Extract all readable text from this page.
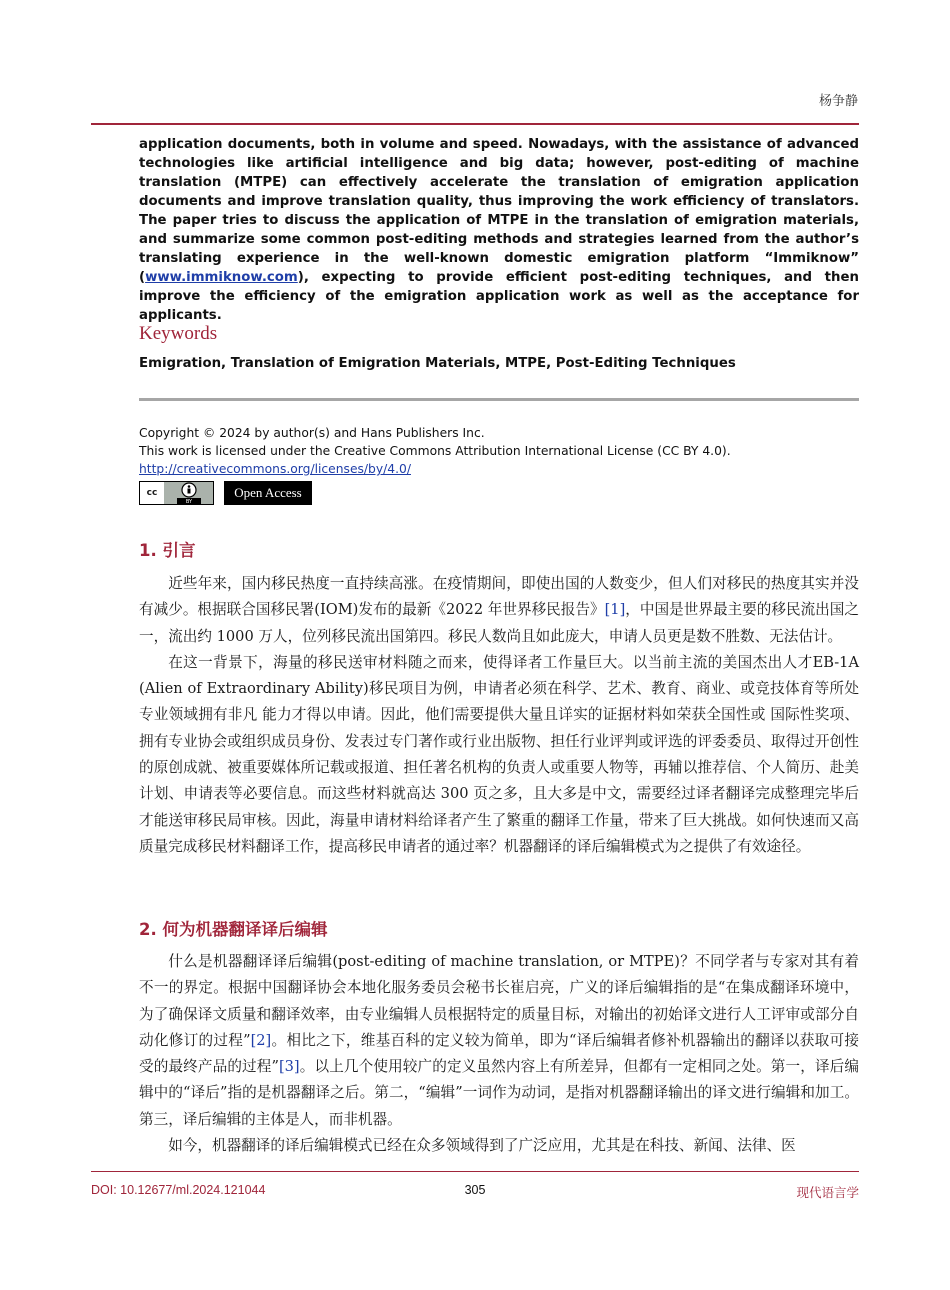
杨争静
application documents, both in volume and speed. Nowadays, with the assistance of advanced technologies like artificial intelligence and big data; however, post-editing of machine translation (MTPE) can effectively accelerate the translation of emigration application documents and improve translation quality, thus improving the work efficiency of translators. The paper tries to discuss the application of MTPE in the translation of emigration materials, and summarize some common post-editing methods and strategies learned from the author’s translating experience in the well-known domestic emigration platform “Immiknow” (www.immiknow.com), expecting to provide efficient post-editing techniques, and then improve the efficiency of the emigration application work as well as the acceptance for applicants.
Keywords
Emigration, Translation of Emigration Materials, MTPE, Post-Editing Techniques
Copyright © 2024 by author(s) and Hans Publishers Inc.
This work is licensed under the Creative Commons Attribution International License (CC BY 4.0).
http://creativecommons.org/licenses/by/4.0/
cc
BY
Open Access
1. 引言

近些年来，国内移民热度一直持续高涨。在疫情期间，即使出国的人数变少，但人们对移民的热度其实并没有减少。根据联合国移民署(IOM)发布的最新《2022 年世界移民报告》[1]，中国是世界最主要的移民流出国之一，流出约 1000 万人，位列移民流出国第四。移民人数尚且如此庞大，申请人员更是数不胜数、无法估计。

在这一背景下，海量的移民送审材料随之而来，使得译者工作量巨大。以当前主流的美国杰出人才EB-1A (Alien of Extraordinary Ability)移民项目为例，申请者必须在科学、艺术、教育、商业、或竞技体育等所处专业领域拥有非凡 能力才得以申请。因此，他们需要提供大量且详实的证据材料如荣获全国性或 国际性奖项、拥有专业协会或组织成员身份、发表过专门著作或行业出版物、担任行业评判或评选的评委委员、取得过开创性的原创成就、被重要媒体所记载或报道、担任著名机构的负责人或重要人物等，再辅以推荐信、个人简历、赴美计划、申请表等必要信息。而这些材料就高达 300 页之多，且大多是中文，需要经过译者翻译完成整理完毕后才能送审移民局审核。因此，海量申请材料给译者产生了繁重的翻译工作量，带来了巨大挑战。如何快速而又高质量完成移民材料翻译工作，提高移民申请者的通过率？机器翻译的译后编辑模式为之提供了有效途径。

2. 何为机器翻译译后编辑

什么是机器翻译译后编辑(post-editing of machine translation, or MTPE)？不同学者与专家对其有着不一的界定。根据中国翻译协会本地化服务委员会秘书长崔启亮，广义的译后编辑指的是“在集成翻译环境中，为了确保译文质量和翻译效率，由专业编辑人员根据特定的质量目标，对输出的初始译文进行人工评审或部分自动化修订的过程”[2]。相比之下，维基百科的定义较为简单，即为“译后编辑者修补机器输出的翻译以获取可接受的最终产品的过程”[3]。以上几个使用较广的定义虽然内容上有所差异，但都有一定相同之处。第一，译后编辑中的“译后”指的是机器翻译之后。第二，“编辑”一词作为动词，是指对机器翻译输出的译文进行编辑和加工。第三，译后编辑的主体是人，而非机器。

如今，机器翻译的译后编辑模式已经在众多领域得到了广泛应用，尤其是在科技、新闻、法律、医

DOI: 10.12677/ml.2024.121044	305	现代语言学
